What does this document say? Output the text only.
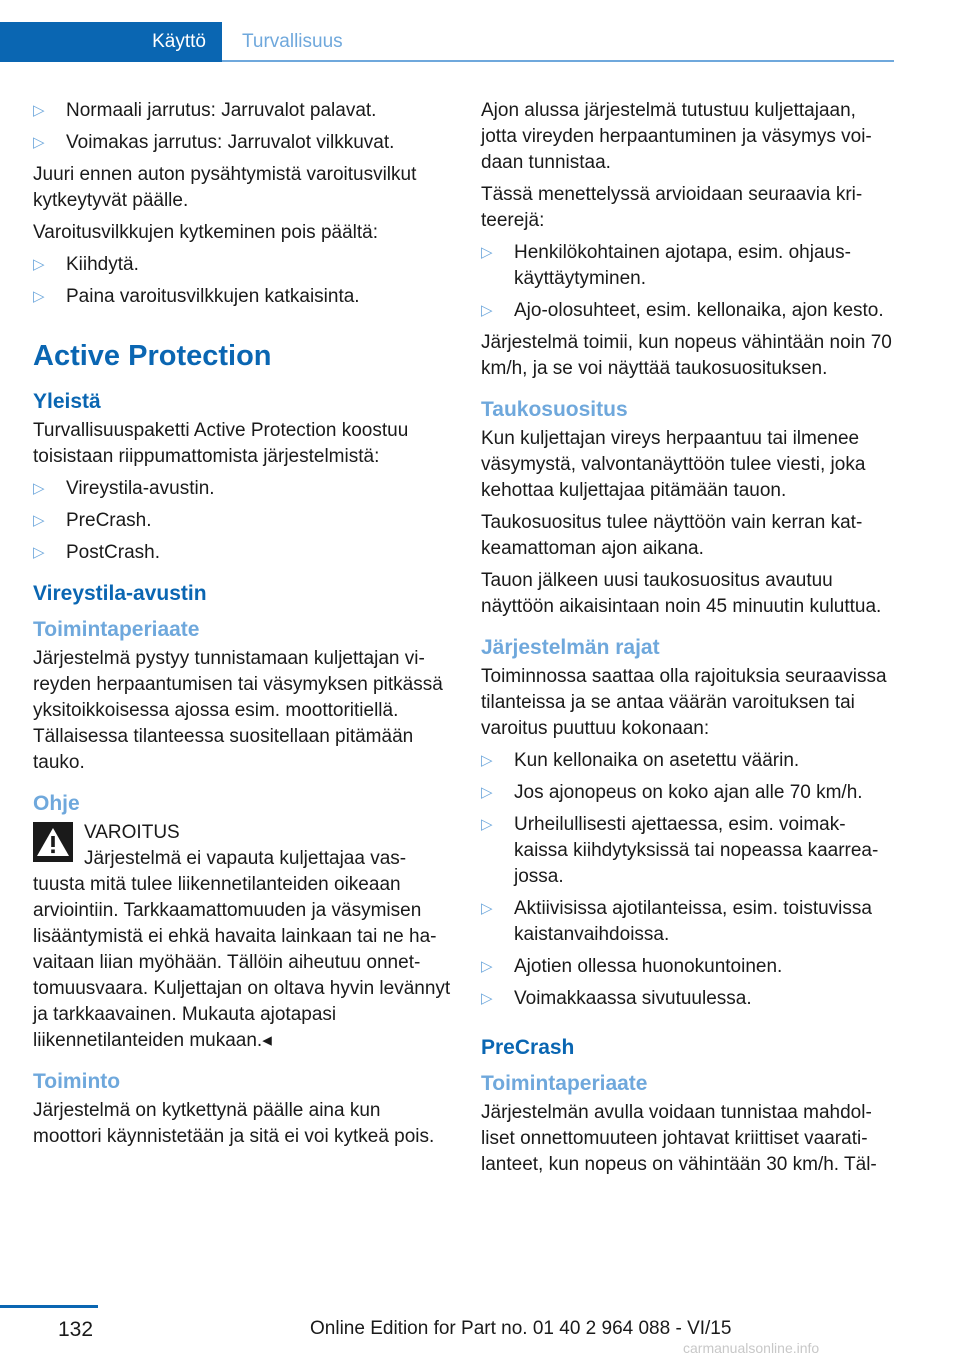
Käyttö	Turvallisuus
▷ Normaali jarrutus: Jarruvalot palavat.
▷ Voimakas jarrutus: Jarruvalot vilkkuvat.

Juuri ennen auton pysähtymistä varoitusvilkut kytkeytyvät päälle.

Varoitusvilkkujen kytkeminen pois päältä:

▷ Kiihdytä.
▷ Paina varoitusvilkkujen katkaisinta.
Active Protection
Yleistä

Turvallisuuspaketti Active Protection koostuu toisistaan riippumattomista järjestelmistä:

▷ Vireystila-avustin.
▷ PreCrash.
▷ PostCrash.
Vireystila-avustin
Toimintaperiaate

Järjestelmä pystyy tunnistamaan kuljettajan vireyden herpaantumisen tai väsymyksen pitkässä yksitoikkoisessa ajossa esim. moottoritiellä. Tällaisessa tilanteessa suositellaan pitämään tauko.

Ohje

VAROITUS

Järjestelmä ei vapauta kuljettajaa vastuusta mitä tulee liikennetilanteiden oikeaan arviointiin. Tarkkaamattomuuden ja väsymisen lisääntymistä ei ehkä havaita lainkaan tai ne havaitaan liian myöhään. Tällöin aiheutuu onnettomuusvaara. Kuljettajan on oltava hyvin levännyt ja tarkkaavainen. Mukauta ajotapasi liikennetilanteiden mukaan.◂

Toiminto

Järjestelmä on kytkettynä päälle aina kun moottori käynnistetään ja sitä ei voi kytkeä pois.

Ajon alussa järjestelmä tutustuu kuljettajaan, jotta vireyden herpaantuminen ja väsymys voidaan tunnistaa.

Tässä menettelyssä arvioidaan seuraavia kriteerejä:

▷ Henkilökohtainen ajotapa, esim. ohjauskäyttäytyminen.
▷ Ajo-olosuhteet, esim. kellonaika, ajon kesto.

Järjestelmä toimii, kun nopeus vähintään noin 70 km/h, ja se voi näyttää taukosuosituksen.

Taukosuositus

Kun kuljettajan vireys herpaantuu tai ilmenee väsymystä, valvontanäyttöön tulee viesti, joka kehottaa kuljettajaa pitämään tauon.

Taukosuositus tulee näyttöön vain kerran katkeamattoman ajon aikana.

Tauon jälkeen uusi taukosuositus avautuu näyttöön aikaisintaan noin 45 minuutin kuluttua.

Järjestelmän rajat

Toiminnossa saattaa olla rajoituksia seuraavissa tilanteissa ja se antaa väärän varoituksen tai varoitus puuttuu kokonaan:

▷ Kun kellonaika on asetettu väärin.
▷ Jos ajonopeus on koko ajan alle 70 km/h.
▷ Urheilullisesti ajettaessa, esim. voimakkaissa kiihdytyksissä tai nopeassa kaarreajossa.
▷ Aktiivisissa ajotilanteissa, esim. toistuvissa kaistanvaihdoissa.
▷ Ajotien ollessa huonokuntoinen.
▷ Voimakkaassa sivutuulessa.
PreCrash
Toimintaperiaate

Järjestelmän avulla voidaan tunnistaa mahdolliset onnettomuuteen johtavat kriittiset vaaratilanteet, kun nopeus on vähintään 30 km/h. Täl-

132	Online Edition for Part no. 01 40 2 964 088 - VI/15
carmanualsonline.info
